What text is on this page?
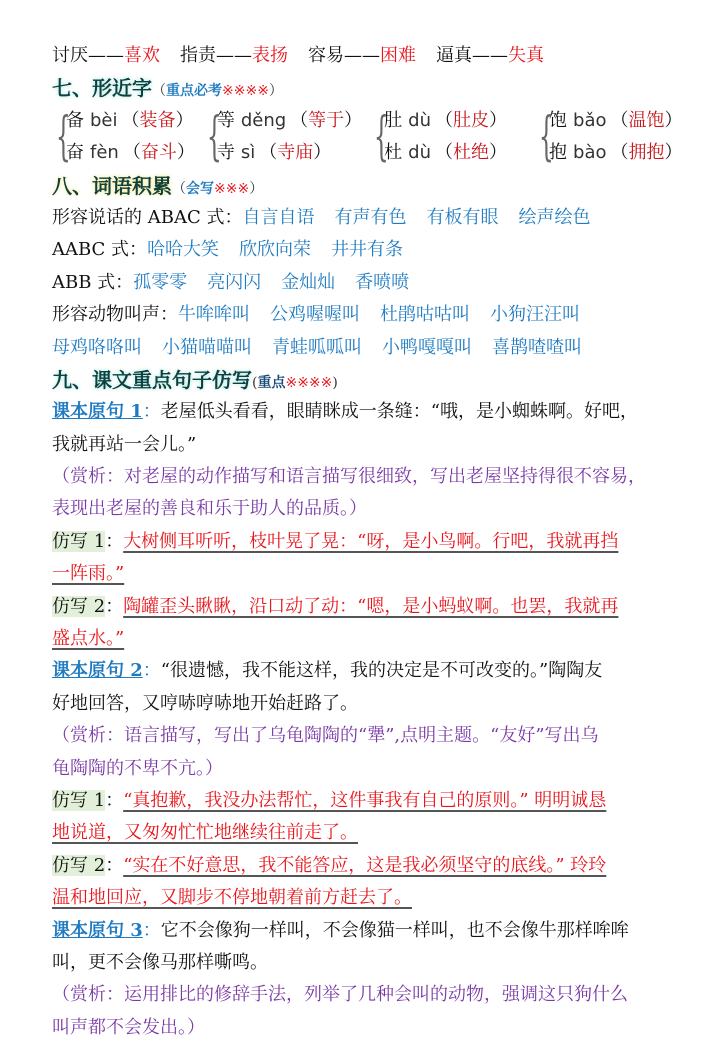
讨厌——喜欢 指责——表扬 容易——困难 逼真——失真
七、形近字（重点必考※※※※）
{
备 bèi （装备）
奋 fèn （奋斗） {
等 děng （等于）
寺 sì （寺庙） {
肚 dù （肚皮）
杜 dù （杜绝） {
饱 bǎo （温饱）
抱 bào （拥抱）
八、词语积累（会写※※※）
形容说话的 ABAC 式：自言自语 有声有色 有板有眼 绘声绘色
AABC 式：哈哈大笑 欣欣向荣 井井有条
ABB 式：孤零零 亮闪闪 金灿灿 香喷喷
形容动物叫声：牛哞哞叫 公鸡喔喔叫 杜鹃咕咕叫 小狗汪汪叫
母鸡咯咯叫 小猫喵喵叫 青蛙呱呱叫 小鸭嘎嘎叫 喜鹊喳喳叫
九、课文重点句子仿写(重点※※※※)
课本原句 1：老屋低头看看，眼睛眯成一条缝：“哦，是小蜘蛛啊。好吧，
我就再站一会儿。”
（赏析：对老屋的动作描写和语言描写很细致，写出老屋坚持得很不容易，
表现出老屋的善良和乐于助人的品质。）
仿写 1：大树侧耳听听，枝叶晃了晃：“呀，是小鸟啊。行吧，我就再挡
一阵雨。”
仿写 2：陶罐歪头瞅瞅，沿口动了动：“嗯，是小蚂蚁啊。也罢，我就再
盛点水。”
课本原句 2：“很遗憾，我不能这样，我的决定是不可改变的。”陶陶友
好地回答，又哼哧哼哧地开始赶路了。
（赏析：语言描写，写出了乌龟陶陶的“犟”,点明主题。“友好”写出乌
龟陶陶的不卑不亢。）
仿写 1：“真抱歉，我没办法帮忙，这件事我有自己的原则。” 明明诚恳
地说道，又匆匆忙忙地继续往前走了。
仿写 2：“实在不好意思，我不能答应，这是我必须坚守的底线。” 玲玲
温和地回应，又脚步不停地朝着前方赶去了。
课本原句 3：它不会像狗一样叫，不会像猫一样叫，也不会像牛那样哞哞
叫，更不会像马那样嘶鸣。
（赏析：运用排比的修辞手法，列举了几种会叫的动物，强调这只狗什么
叫声都不会发出。）
